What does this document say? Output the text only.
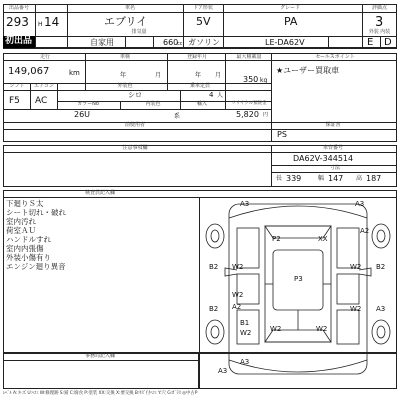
出品番号	車名	ドア形状	グレード	評価点
293 H 14	エブリイ	5V	PA	3
初出品	自家用
排気量
660
cc ガソリン	LE-DA62V
外装 内装
E D
走行	車検	登録年月	最大積載量	セールスポイント
149,067	km	年	月	年 月	350 kg
★ユーザー買取車
シフト	エアコン	外装色	乗車定員
F5 AC
シロ	4 人
カラーNo	内装色	輸入	リサイクル預託金
26U	系	5,820 円
前使用者	保証書
PS
注意事項欄	車台番号
DA62V-344514
寸法
長 339	幅 147 高 187
検査員記入欄
下廻りＳ太
シート切れ・破れ
室内汚れ
荷室ＡＵ
ハンドルすれ
室内内張傷
外装小傷有り
エンジン廻り異音
事務局記入欄
A3	A3
P2	XX
A2
B2 W2	W2 B2
P3
W2
A2
B2	W2 A3
B1
W2	W2	W2
A3
A3
ﾚﾍﾞﾙ A:キズ U:ﾍｺﾐ W:修理跡 S:錆 C:腐食 P:塗装 XX:交換 X:要交換 B:ｷｽﾞ付ﾍｺﾐ Y:穴 G:ｶﾞﾗｽ ◎中古P
